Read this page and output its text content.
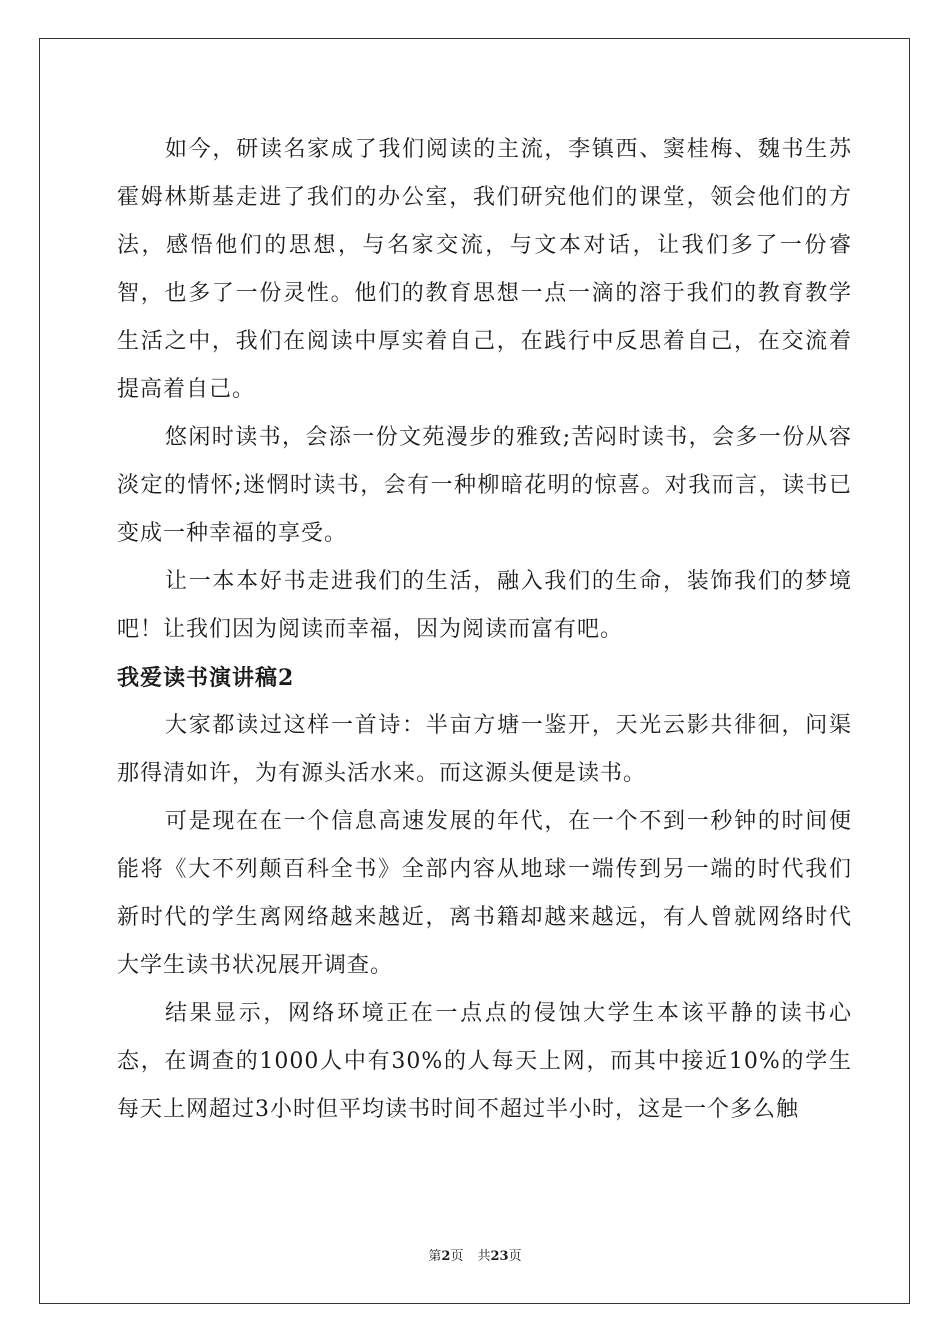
如今，研读名家成了我们阅读的主流，李镇西、窦桂梅、魏书生苏霍姆林斯基走进了我们的办公室，我们研究他们的课堂，领会他们的方法，感悟他们的思想，与名家交流，与文本对话，让我们多了一份睿智，也多了一份灵性。他们的教育思想一点一滴的溶于我们的教育教学生活之中，我们在阅读中厚实着自己，在践行中反思着自己，在交流着提高着自己。

悠闲时读书，会添一份文苑漫步的雅致;苦闷时读书，会多一份从容淡定的情怀;迷惘时读书，会有一种柳暗花明的惊喜。对我而言，读书已变成一种幸福的享受。

让一本本好书走进我们的生活，融入我们的生命，装饰我们的梦境吧！让我们因为阅读而幸福，因为阅读而富有吧。

我爱读书演讲稿2

大家都读过这样一首诗：半亩方塘一鉴开，天光云影共徘徊，问渠那得清如许，为有源头活水来。而这源头便是读书。

可是现在在一个信息高速发展的年代，在一个不到一秒钟的时间便能将《大不列颠百科全书》全部内容从地球一端传到另一端的时代我们新时代的学生离网络越来越近，离书籍却越来越远，有人曾就网络时代大学生读书状况展开调查。

结果显示，网络环境正在一点点的侵蚀大学生本该平静的读书心态，在调查的1000人中有30%的人每天上网，而其中接近10%的学生每天上网超过3小时但平均读书时间不超过半小时，这是一个多么触

第2页 共23页
